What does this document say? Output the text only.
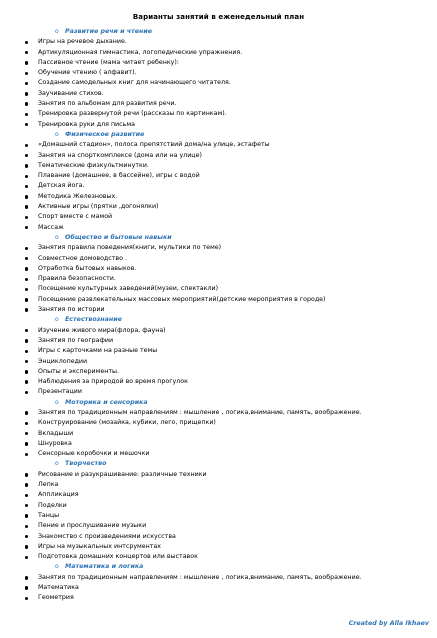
Варианты занятий в еженедельный план
o Развитие речи и чтение
Игры на речевое дыхание.
Артикуляционная гимнастика, логопедические упражнения.
Пассивное чтение (мама читает ребенку):
Обучение чтению ( алфавит).
Создание самодельных книг для начинающего читателя.
Заучивание стихов.
Занятия по альбомам для развития речи.
Тренировка развернутой речи (рассказы по картинкам).
Тренировка руки для письма
o Физическое развитие
«Домашний стадион», полоса препятствий дома/на улице, эстафеты
Занятия на спорткомплексе (дома или на улице)
Тематические физкультминутки.
Плавание (домашнее, в бассейне), игры с водой
Детская йога.
Методика Железновых.
Активные игры (прятки ,догонялки)
Спорт вместе с мамой
Массаж
o Общество и бытовые навыки
Занятия правила поведения(книги, мультики по теме)
Совместное домоводство .
Отработка бытовых навыков.
Правила безопасности.
Посещение культурных заведений(музеи, спектакли)
Посещение развлекательных массовых мероприятий(детские мероприятия в городе)
Занятия по истории
o Естествознание
Изучение живого мира(флора, фауна)
Занятия по географии
Игры с карточками на разные темы
Энциклопедии
Опыты и эксперименты.
Наблюдения за природой во время прогулок
Презентации
o Моторика и сенсорика
Занятия по традиционным направлениям : мышление , логика,внимание, память, воображение.
Конструирование (мозайка, кубики, лего, прищепки)
Вкладыши
Шнуровка
Сенсорные коробочки и мешочки
o Творчество
Рисование и разукрашивание: различные техники
Лепка
Аппликация
Поделки
Танцы
Пение и прослушивание музыки
Знакомство с произведениями искусства
Игры на музыкальных интсрументах
Подготовка домашних концертов или выставок
o Математика и логика
Занятия по традиционным направлениям : мышление , логика,внимание, память, воображение.
Математика
Геометрия
Created by Alla Ikhaev
